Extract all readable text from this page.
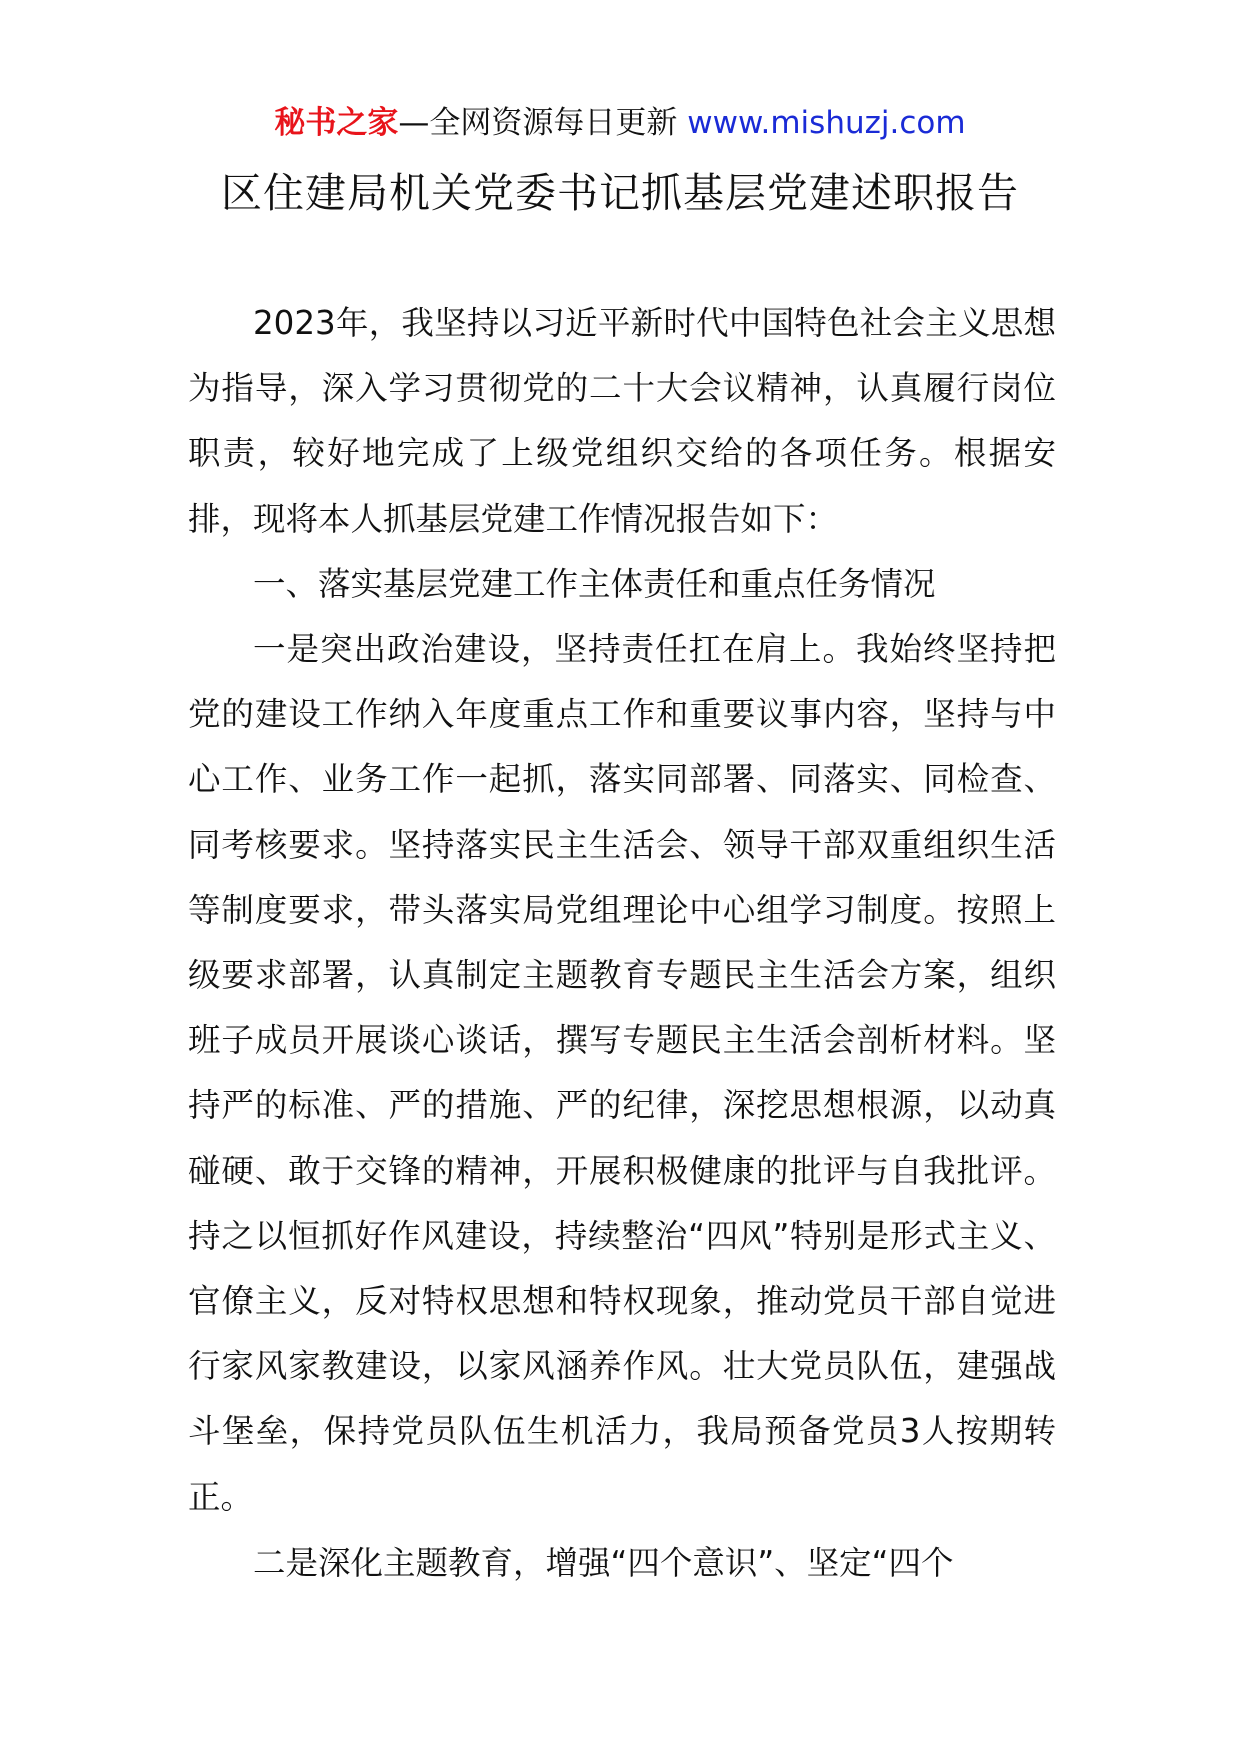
秘书之家—全网资源每日更新 www.mishuzj.com
区住建局机关党委书记抓基层党建述职报告

2023年，我坚持以习近平新时代中国特色社会主义思想为指导，深入学习贯彻党的二十大会议精神，认真履行岗位职责，较好地完成了上级党组织交给的各项任务。根据安排，现将本人抓基层党建工作情况报告如下：

一、落实基层党建工作主体责任和重点任务情况

一是突出政治建设，坚持责任扛在肩上。我始终坚持把党的建设工作纳入年度重点工作和重要议事内容，坚持与中心工作、业务工作一起抓，落实同部署、同落实、同检查、同考核要求。坚持落实民主生活会、领导干部双重组织生活等制度要求，带头落实局党组理论中心组学习制度。按照上级要求部署，认真制定主题教育专题民主生活会方案，组织班子成员开展谈心谈话，撰写专题民主生活会剖析材料。坚持严的标准、严的措施、严的纪律，深挖思想根源，以动真碰硬、敢于交锋的精神，开展积极健康的批评与自我批评。持之以恒抓好作风建设，持续整治“四风”特别是形式主义、官僚主义，反对特权思想和特权现象，推动党员干部自觉进行家风家教建设，以家风涵养作风。壮大党员队伍，建强战斗堡垒，保持党员队伍生机活力，我局预备党员3人按期转正。

二是深化主题教育，增强“四个意识”、坚定“四个
